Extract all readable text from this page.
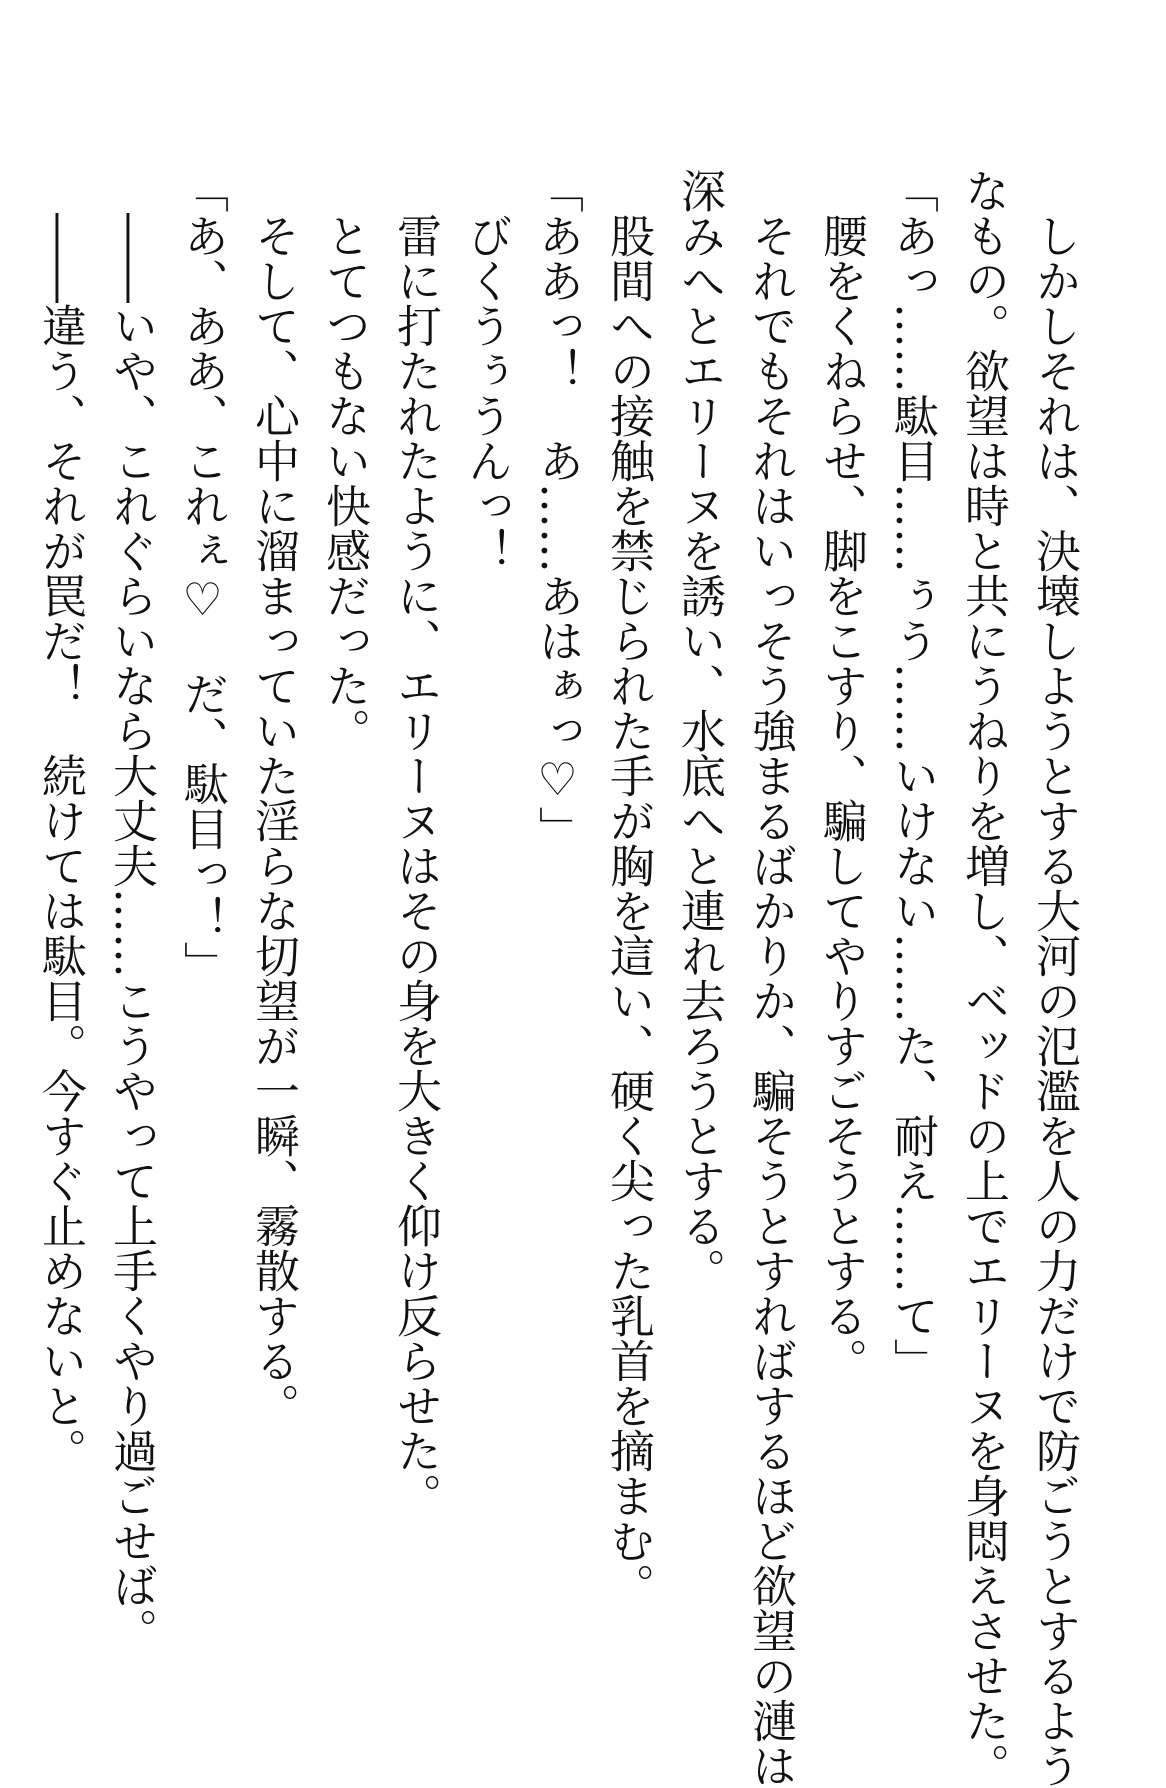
　しかしそれは、決壊しようとする大河の氾濫を人の力だけで防ごうとするよう

なもの。欲望は時と共にうねりを増し、ベッドの上でエリーヌを身悶えさせた。

「あっ……駄目……ぅう……いけない……た、耐え……て」

　腰をくねらせ、脚をこすり、騙してやりすごそうとする。

　それでもそれはいっそう強まるばかりか、騙そうとすればするほど欲望の漣は

深みへとエリーヌを誘い、水底へと連れ去ろうとする。

　股間への接触を禁じられた手が胸を這い、硬く尖った乳首を摘まむ。

「ああっ！　あ……あはぁっ♡」

　びくうぅうんっ！

　雷に打たれたように、エリーヌはその身を大きく仰け反らせた。

　とてつもない快感だった。

　そして、心中に溜まっていた淫らな切望が一瞬、霧散する。

「あ、ああ、これぇ♡　だ、駄目っ！」

　――いや、これぐらいなら大丈夫……こうやって上手くやり過ごせば。

　――違う、それが罠だ！　続けては駄目。今すぐ止めないと。
